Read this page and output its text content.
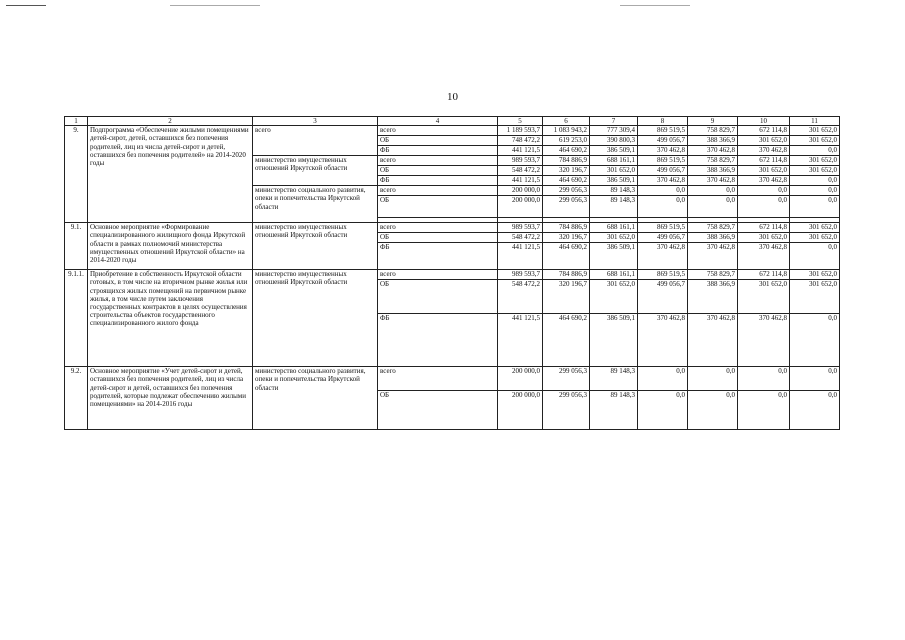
10
1	2	3	4	5	6	7	8	9	10	11
9.	Подпрограмма «Обеспечение жилыми помещениями детей-сирот, детей, оставшихся без попечения родителей, лиц из числа детей-сирот и детей, оставшихся без попечения родителей» на 2014-2020 годы	всего	всего	1 189 593,7	1 083 943,2	777 309,4	869 519,5	758 829,7	672 114,8	301 652,0
			ОБ	748 472,2	619 253,0	390 800,3	499 056,7	388 366,9	301 652,0	301 652,0
			ФБ	441 121,5	464 690,2	386 509,1	370 462,8	370 462,8	370 462,8	0,0
		министерство имущественных отношений Иркутской области	всего	989 593,7	784 886,9	688 161,1	869 519,5	758 829,7	672 114,8	301 652,0
			ОБ	548 472,2	320 196,7	301 652,0	499 056,7	388 366,9	301 652,0	301 652,0
			ФБ	441 121,5	464 690,2	386 509,1	370 462,8	370 462,8	370 462,8	0,0
		министерство социального развития, опеки и попечительства Иркутской области	всего	200 000,0	299 056,3	89 148,3	0,0	0,0	0,0	0,0
			ОБ	200 000,0	299 056,3	89 148,3	0,0	0,0	0,0	0,0

9.1.	Основное мероприятие «Формирование специализированного жилищного фонда Иркутской области в рамках полномочий министерства имущественных отношений Иркутской области» на 2014-2020 годы	министерство имущественных отношений Иркутской области	всего	989 593,7	784 886,9	688 161,1	869 519,5	758 829,7	672 114,8	301 652,0
			ОБ	548 472,2	320 196,7	301 652,0	499 056,7	388 366,9	301 652,0	301 652,0
			ФБ	441 121,5	464 690,2	386 509,1	370 462,8	370 462,8	370 462,8	0,0
9.1.1.	Приобретение в собственность Иркутской области готовых, в том числе на вторичном рынке жилья или строящихся жилых помещений на первичном рынке жилья, в том числе путем заключения государственных контрактов в целях осуществления строительства объектов государственного специализированного жилого фонда	министерство имущественных отношений Иркутской области	всего	989 593,7	784 886,9	688 161,1	869 519,5	758 829,7	672 114,8	301 652,0
			ОБ	548 472,2	320 196,7	301 652,0	499 056,7	388 366,9	301 652,0	301 652,0
			ФБ	441 121,5	464 690,2	386 509,1	370 462,8	370 462,8	370 462,8	0,0
9.2.	Основное мероприятие «Учет детей-сирот и детей, оставшихся без попечения родителей, лиц из числа детей-сирот и детей, оставшихся без попечения родителей, которые подлежат обеспечению жилыми помещениями» на 2014-2016 годы	министерство социального развития, опеки и попечительства Иркутской области	всего	200 000,0	299 056,3	89 148,3	0,0	0,0	0,0	0,0
			ОБ	200 000,0	299 056,3	89 148,3	0,0	0,0	0,0	0,0
